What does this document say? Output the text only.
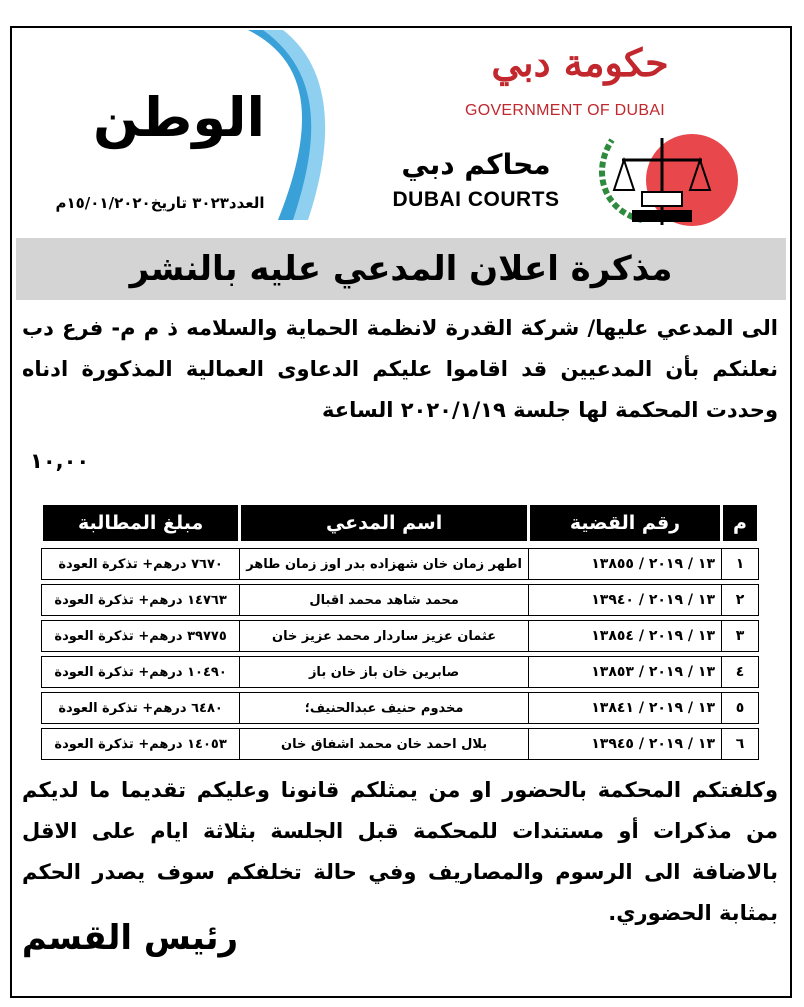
الوطن
العدد٣٠٢٣ تاريخ١٥/٠١/٢٠٢٠م
حكومة دبي
GOVERNMENT OF DUBAI
محاكم دبي
DUBAI COURTS
مذكرة اعلان المدعي عليه بالنشر
الى المدعي عليها/ شركة القدرة لانظمة الحماية والسلامه ذ م م- فرع دب نعلنكم بأن المدعيين قد اقاموا عليكم الدعاوى العمالية المذكورة ادناه وحددت المحكمة لها جلسة ٢٠٢٠/١/١٩ الساعة
١٠,٠٠
م	رقم القضية	اسم المدعي	مبلغ المطالبة

١	١٣ / ٢٠١٩ / ١٣٨٥٥	اطهر زمان خان شهزاده بدر اوز زمان طاهر	٧٦٧٠ درهم+ تذكرة العودة

٢	١٣ / ٢٠١٩ / ١٣٩٤٠	محمد شاهد محمد اقبال	١٤٧٦٣ درهم+ تذكرة العودة

٣	١٣ / ٢٠١٩ / ١٣٨٥٤	عثمان عزيز ساردار محمد عزيز خان	٣٩٧٧٥ درهم+ تذكرة العودة

٤	١٣ / ٢٠١٩ / ١٣٨٥٣	صابرين خان باز خان باز	١٠٤٩٠ درهم+ تذكرة العودة

٥	١٣ / ٢٠١٩ / ١٣٨٤١	مخدوم حنيف عبدالحنيف؛	٦٤٨٠ درهم+ تذكرة العودة

٦	١٣ / ٢٠١٩ / ١٣٩٤٥	بلال احمد خان محمد اشفاق خان	١٤٠٥٣ درهم+ تذكرة العودة
وكلفتكم المحكمة بالحضور او من يمثلكم قانونا وعليكم تقديما ما لديكم من مذكرات أو مستندات للمحكمة قبل الجلسة بثلاثة ايام على الاقل بالاضافة الى الرسوم والمصاريف وفي حالة تخلفكم سوف يصدر الحكم بمثابة الحضوري.
رئيس القسم
